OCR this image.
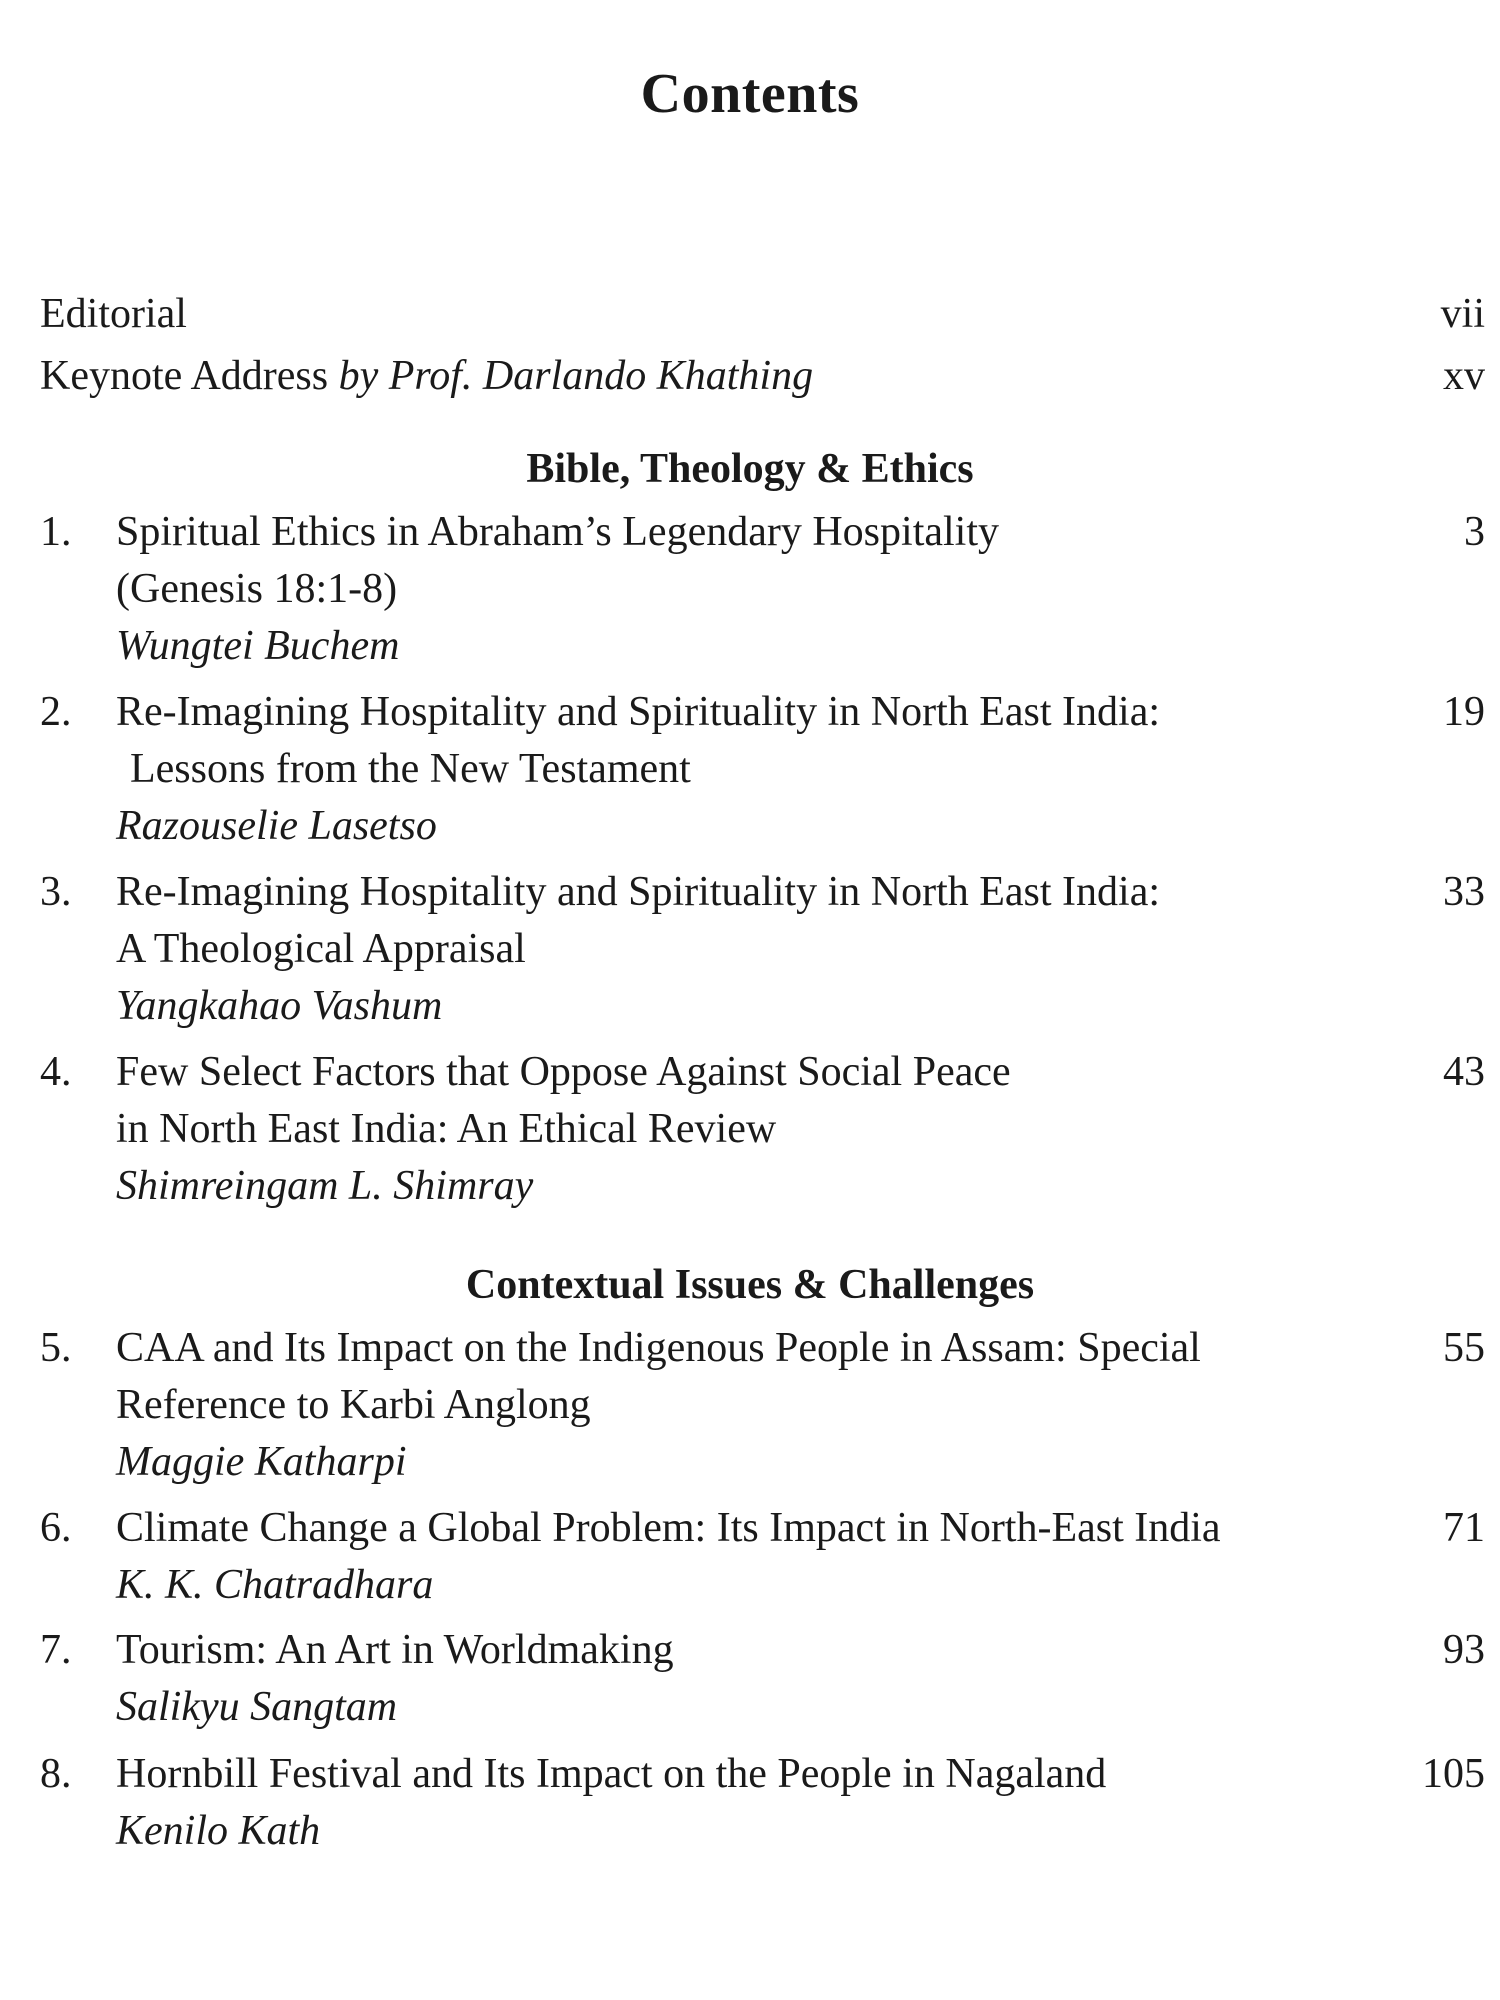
Contents
Editorial	vii
Keynote Address by Prof. Darlando Khathing	xv
Bible, Theology & Ethics
1. Spiritual Ethics in Abraham’s Legendary Hospitality
(Genesis 18:1-8)
Wungtei Buchem
3
2. Re-Imagining Hospitality and Spirituality in North East India:
Lessons from the New Testament
Razouselie Lasetso
19
3. Re-Imagining Hospitality and Spirituality in North East India:
A Theological Appraisal
Yangkahao Vashum
33
4. Few Select Factors that Oppose Against Social Peace
in North East India: An Ethical Review
Shimreingam L. Shimray
43
Contextual Issues & Challenges
5. CAA and Its Impact on the Indigenous People in Assam: Special
Reference to Karbi Anglong
Maggie Katharpi
55
6. Climate Change a Global Problem: Its Impact in North-East India
K. K. Chatradhara
71
7. Tourism: An Art in Worldmaking
Salikyu Sangtam
93
8. Hornbill Festival and Its Impact on the People in Nagaland
Kenilo Kath
105
